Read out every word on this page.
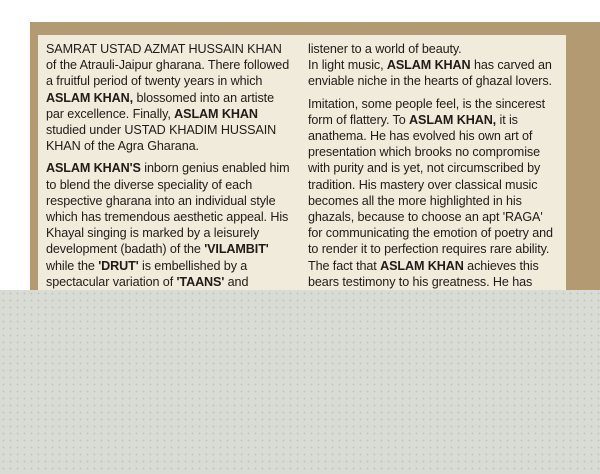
SAMRAT USTAD AZMAT HUSSAIN KHAN
of the Atrauli-Jaipur gharana. There followed
a fruitful period of twenty years in which
ASLAM KHAN, blossomed into an artiste
par excellence. Finally, ASLAM KHAN
studied under USTAD KHADIM HUSSAIN
KHAN of the Agra Gharana.

ASLAM KHAN'S inborn genius enabled him
to blend the diverse speciality of each
respective gharana into an individual style
which has tremendous aesthetic appeal. His
Khayal singing is marked by a leisurely
development (badath) of the 'VILAMBIT'
while the 'DRUT' is embellished by a
spectacular variation of 'TAANS' and

listener to a world of beauty.
In light music, ASLAM KHAN has carved an
enviable niche in the hearts of ghazal lovers.

Imitation, some people feel, is the sincerest
form of flattery. To ASLAM KHAN, it is
anathema. He has evolved his own art of
presentation which brooks no compromise
with purity and is yet, not circumscribed by
tradition. His mastery over classical music
becomes all the more highlighted in his
ghazals, because to choose an apt 'RAGA'
for communicating the emotion of poetry and
to render it to perfection requires rare ability.
The fact that ASLAM KHAN achieves this
bears testimony to his greatness. He has
